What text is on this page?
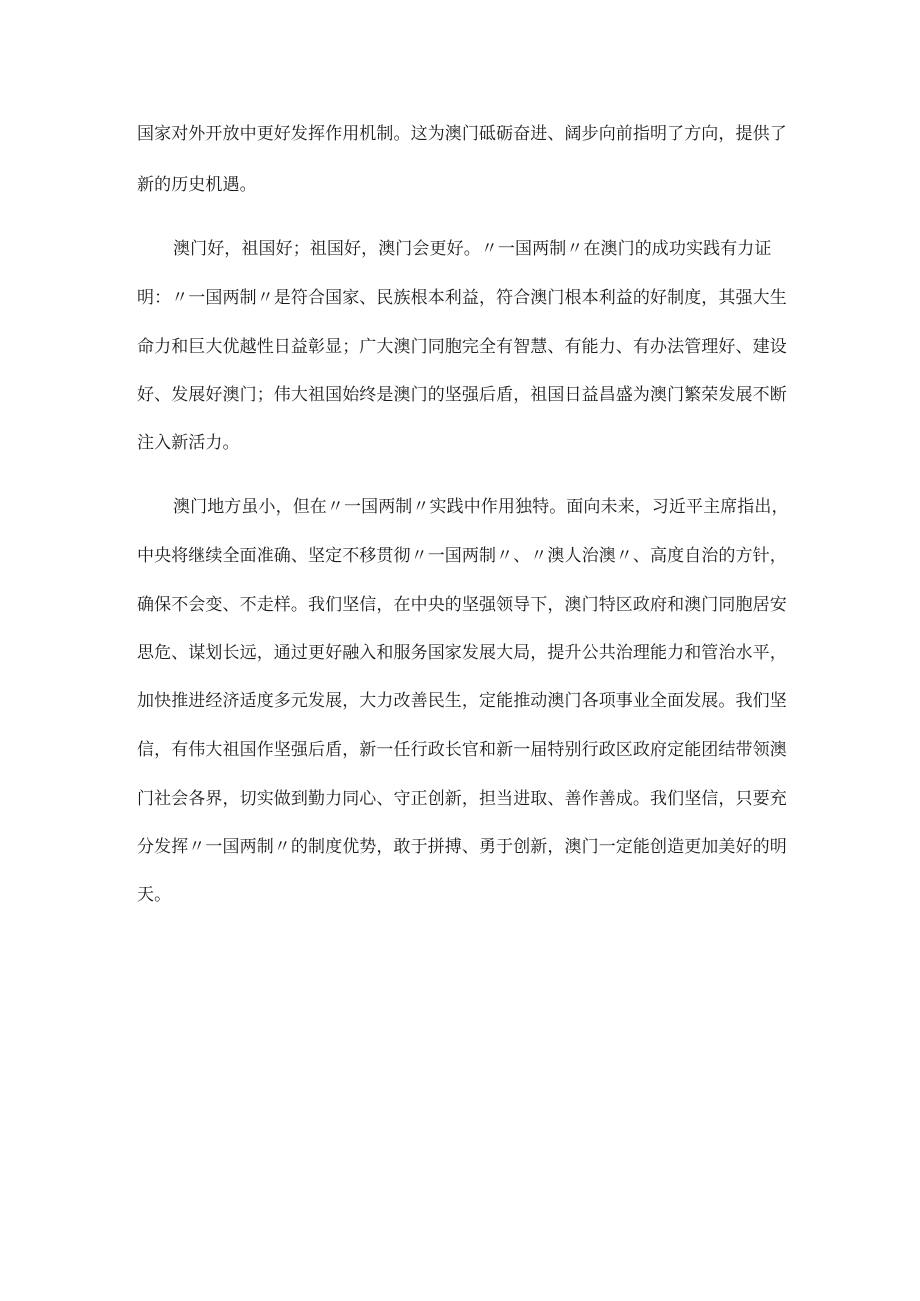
国家对外开放中更好发挥作用机制。这为澳门砥砺奋进、阔步向前指明了方向，提供了
新的历史机遇。
澳门好，祖国好；祖国好，澳门会更好。〃一国两制〃在澳门的成功实践有力证
明：〃一国两制〃是符合国家、民族根本利益，符合澳门根本利益的好制度，其强大生
命力和巨大优越性日益彰显；广大澳门同胞完全有智慧、有能力、有办法管理好、建设
好、发展好澳门；伟大祖国始终是澳门的坚强后盾，祖国日益昌盛为澳门繁荣发展不断
注入新活力。
澳门地方虽小，但在〃一国两制〃实践中作用独特。面向未来，习近平主席指出，
中央将继续全面准确、坚定不移贯彻〃一国两制〃、〃澳人治澳〃、高度自治的方针，
确保不会变、不走样。我们坚信，在中央的坚强领导下，澳门特区政府和澳门同胞居安
思危、谋划长远，通过更好融入和服务国家发展大局，提升公共治理能力和管治水平，
加快推进经济适度多元发展，大力改善民生，定能推动澳门各项事业全面发展。我们坚
信，有伟大祖国作坚强后盾，新一任行政长官和新一届特别行政区政府定能团结带领澳
门社会各界，切实做到勤力同心、守正创新，担当进取、善作善成。我们坚信，只要充
分发挥〃一国两制〃的制度优势，敢于拼搏、勇于创新，澳门一定能创造更加美好的明
天。
